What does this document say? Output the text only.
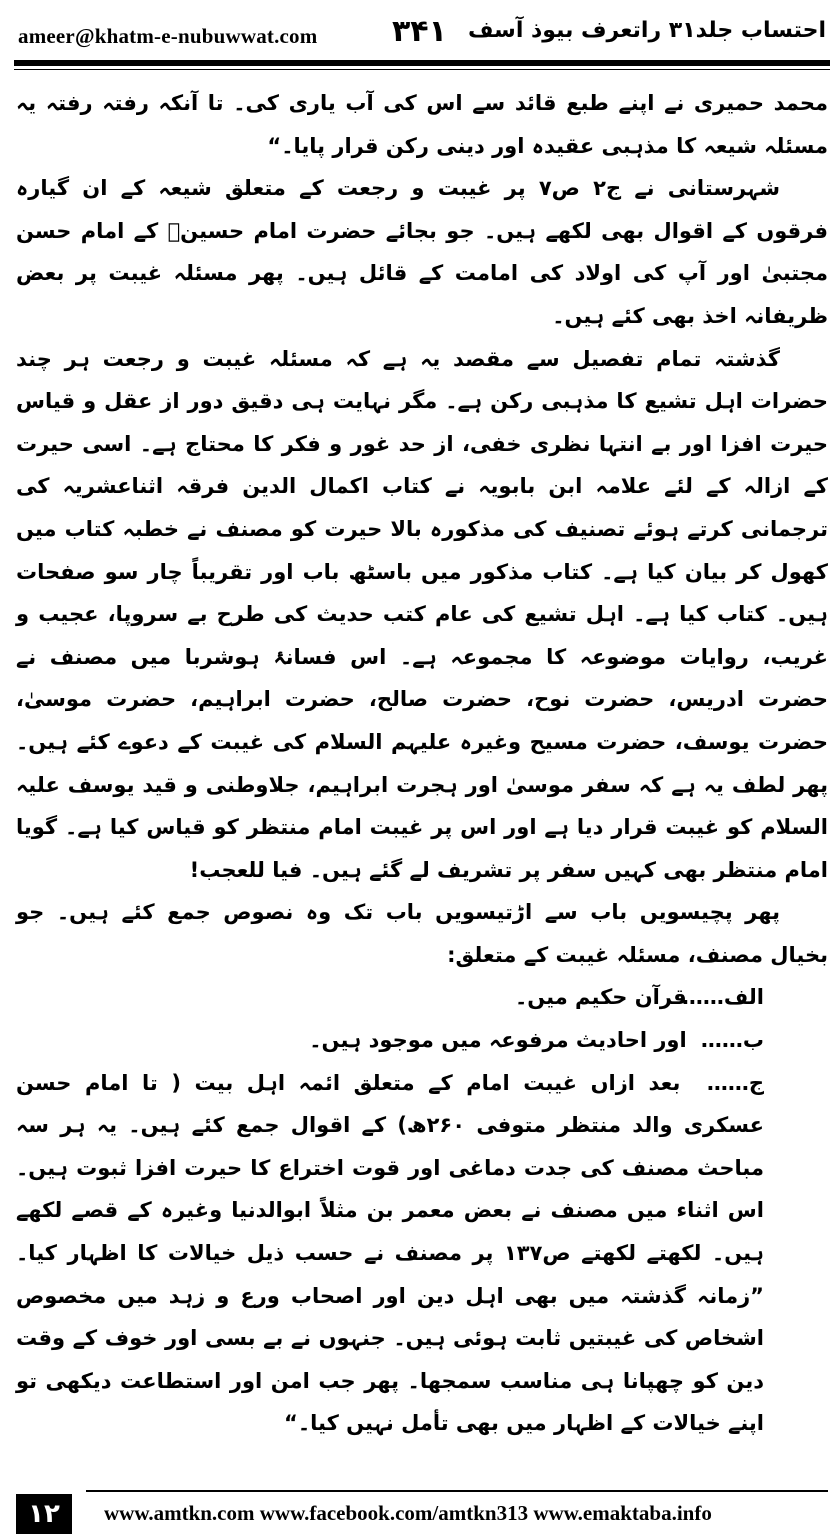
ameer@khatm-e-nubuwwat.com ۳۴۱ احتساب جلد۳۱ راتعرف بیوذ آسف

محمد حمیری نے اپنے طبع قائد سے اس کی آب یاری کی۔ تا آنکہ رفتہ رفتہ یہ مسئلہ شیعہ کا مذہبی عقیدہ اور دینی رکن قرار پایا۔“

شہرستانی نے ج۲ ص۷ پر غیبت و رجعت کے متعلق شیعہ کے ان گیارہ فرقوں کے اقوال بھی لکھے ہیں۔ جو بجائے حضرت امام حسینؓ کے امام حسن مجتبیٰ اور آپ کی اولاد کی امامت کے قائل ہیں۔ پھر مسئلہ غیبت پر بعض ظریفانہ اخذ بھی کئے ہیں۔

گذشتہ تمام تفصیل سے مقصد یہ ہے کہ مسئلہ غیبت و رجعت ہر چند حضرات اہل تشیع کا مذہبی رکن ہے۔ مگر نہایت ہی دقیق دور از عقل و قیاس حیرت افزا اور بے انتہا نظری خفی، از حد غور و فکر کا محتاج ہے۔ اسی حیرت کے ازالہ کے لئے علامہ ابن بابویہ نے کتاب اکمال الدین فرقہ اثناعشریہ کی ترجمانی کرتے ہوئے تصنیف کی مذکورہ بالا حیرت کو مصنف نے خطبہ کتاب میں کھول کر بیان کیا ہے۔ کتاب مذکور میں باسٹھ باب اور تقریباً چار سو صفحات ہیں۔ کتاب کیا ہے۔ اہل تشیع کی عام کتب حدیث کی طرح بے سروپا، عجیب و غریب، روایات موضوعہ کا مجموعہ ہے۔ اس فسانۂ ہوشربا میں مصنف نے حضرت ادریس، حضرت نوح، حضرت صالح، حضرت ابراہیم، حضرت موسیٰ، حضرت یوسف، حضرت مسیح وغیرہ علیہم السلام کی غیبت کے دعوے کئے ہیں۔ پھر لطف یہ ہے کہ سفر موسیٰ اور ہجرت ابراہیم، جلاوطنی و قید یوسف علیہ السلام کو غیبت قرار دیا ہے اور اس پر غیبت امام منتظر کو قیاس کیا ہے۔ گویا امام منتظر بھی کہیں سفر پر تشریف لے گئے ہیں۔ فیا للعجب!

پھر پچیسویں باب سے اڑتیسویں باب تک وہ نصوص جمع کئے ہیں۔ جو بخیال مصنف، مسئلہ غیبت کے متعلق:

الف…… قرآن حکیم میں۔

ب…… اور احادیث مرفوعہ میں موجود ہیں۔

ج…… بعد ازاں غیبت امام کے متعلق ائمہ اہل بیت ( تا امام حسن عسکری والد منتظر متوفی ۲۶۰ھ) کے اقوال جمع کئے ہیں۔ یہ ہر سہ مباحث مصنف کی جدت دماغی اور قوت اختراع کا حیرت افزا ثبوت ہیں۔ اس اثناء میں مصنف نے بعض معمر بن مثلاً ابوالدنیا وغیرہ کے قصے لکھے ہیں۔ لکھتے لکھتے ص۱۳۷ پر مصنف نے حسب ذیل خیالات کا اظہار کیا۔ ”زمانہ گذشتہ میں بھی اہل دین اور اصحاب ورع و زہد میں مخصوص اشخاص کی غیبتیں ثابت ہوئی ہیں۔ جنہوں نے بے بسی اور خوف کے وقت دین کو چھپانا ہی مناسب سمجھا۔ پھر جب امن اور استطاعت دیکھی تو اپنے خیالات کے اظہار میں بھی تأمل نہیں کیا۔“

۱۲	www.amtkn.com www.facebook.com/amtkn313 www.emaktaba.info
